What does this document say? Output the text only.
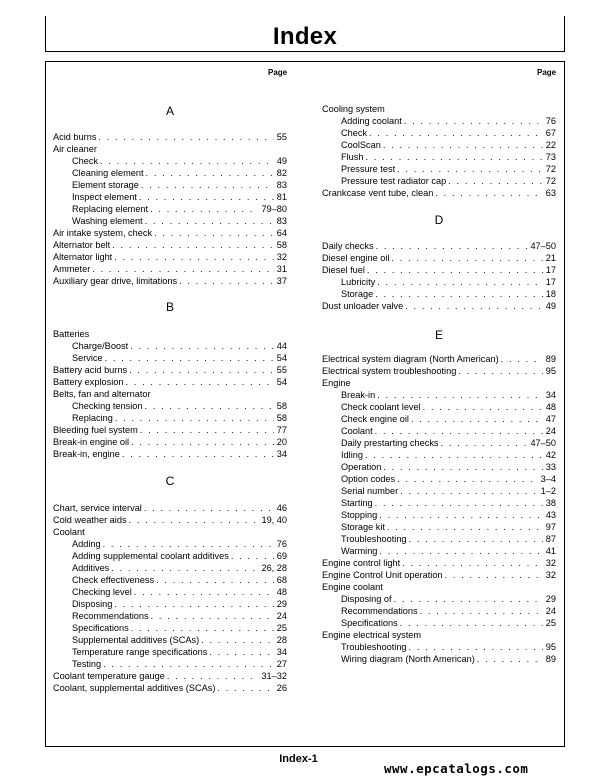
Index
Page	Page
A
Acid burns . . .	55
Air cleaner
Check . . .	49
Cleaning element . . .	82
Element storage . . .	83
Inspect element . . .	81
Replacing element . . .	79–80
Washing element . . .	83
Air intake system, check . . .	64
Alternator belt . . .	58
Alternator light . . .	32
Ammeter . . .	31
Auxiliary gear drive, limitations . . .	37
B
Batteries
Charge/Boost . . .	44
Service . . .	54
Battery acid burns . . .	55
Battery explosion . . .	54
Belts, fan and alternator
Checking tension . . .	58
Replacing . . .	58
Bleeding fuel system . . .	77
Break-in engine oil . . .	20
Break-in, engine . . .	34
C
Chart, service interval . . .	46
Cold weather aids . . .	19, 40
Coolant
Adding . . .	76
Adding supplemental coolant additives . . .	69
Additives . . .	26, 28
Check effectiveness . . .	68
Checking level . . .	48
Disposing . . .	29
Recommendations . . .	24
Specifications . . .	25
Supplemental additives (SCAs) . . .	28
Temperature range specifications . . .	34
Testing . . .	27
Coolant temperature gauge . . .	31–32
Coolant, supplemental additives (SCAs) . . .	26
Cooling system
Adding coolant . . .	76
Check . . .	67
CoolScan . . .	22
Flush . . .	73
Pressure test . . .	72
Pressure test radiator cap . . .	72
Crankcase vent tube, clean . . .	63
D
Daily checks . . .	47–50
Diesel engine oil . . .	21
Diesel fuel . . .	17
Lubricity . . .	17
Storage . . .	18
Dust unloader valve . . .	49
E
Electrical system diagram (North American) . . .	89
Electrical system troubleshooting . . .	95
Engine
Break-in . . .	34
Check coolant level . . .	48
Check engine oil . . .	47
Coolant . . .	24
Daily prestarting checks . . .	47–50
Idling . . .	42
Operation . . .	33
Option codes . . .	3–4
Serial number . . .	1–2
Starting . . .	38
Stopping . . .	43
Storage kit . . .	97
Troubleshooting . . .	87
Warming . . .	41
Engine control light . . .	32
Engine Control Unit operation . . .	32
Engine coolant
Disposing of . . .	29
Recommendations . . .	24
Specifications . . .	25
Engine electrical system
Troubleshooting . . .	95
Wiring diagram (North American) . . .	89
Index-1
www.epcatalogs.com
